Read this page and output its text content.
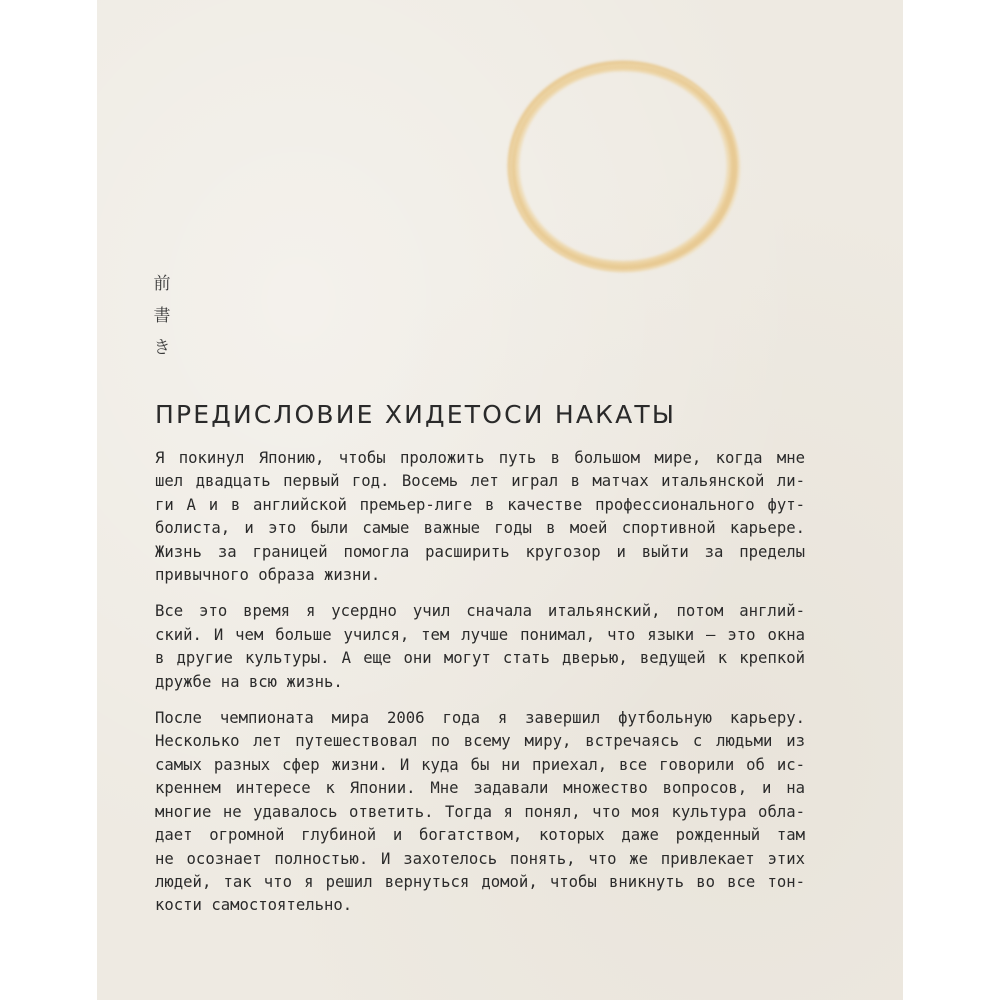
前
書
き
ПРЕДИСЛОВИЕ ХИДЕТОСИ НАКАТЫ

Я покинул Японию, чтобы проложить путь в большом мире, когда мне
шел двадцать первый год. Восемь лет играл в матчах итальянской ли-
ги А и в английской премьер-лиге в качестве профессионального фут-
болиста, и это были самые важные годы в моей спортивной карьере.
Жизнь за границей помогла расширить кругозор и выйти за пределы
привычного образа жизни.

Все это время я усердно учил сначала итальянский, потом англий-
ский. И чем больше учился, тем лучше понимал, что языки — это окна
в другие культуры. А еще они могут стать дверью, ведущей к крепкой
дружбе на всю жизнь.

После чемпионата мира 2006 года я завершил футбольную карьеру.
Несколько лет путешествовал по всему миру, встречаясь с людьми из
самых разных сфер жизни. И куда бы ни приехал, все говорили об ис-
креннем интересе к Японии. Мне задавали множество вопросов, и на
многие не удавалось ответить. Тогда я понял, что моя культура обла-
дает огромной глубиной и богатством, которых даже рожденный там
не осознает полностью. И захотелось понять, что же привлекает этих
людей, так что я решил вернуться домой, чтобы вникнуть во все тон-
кости самостоятельно.
